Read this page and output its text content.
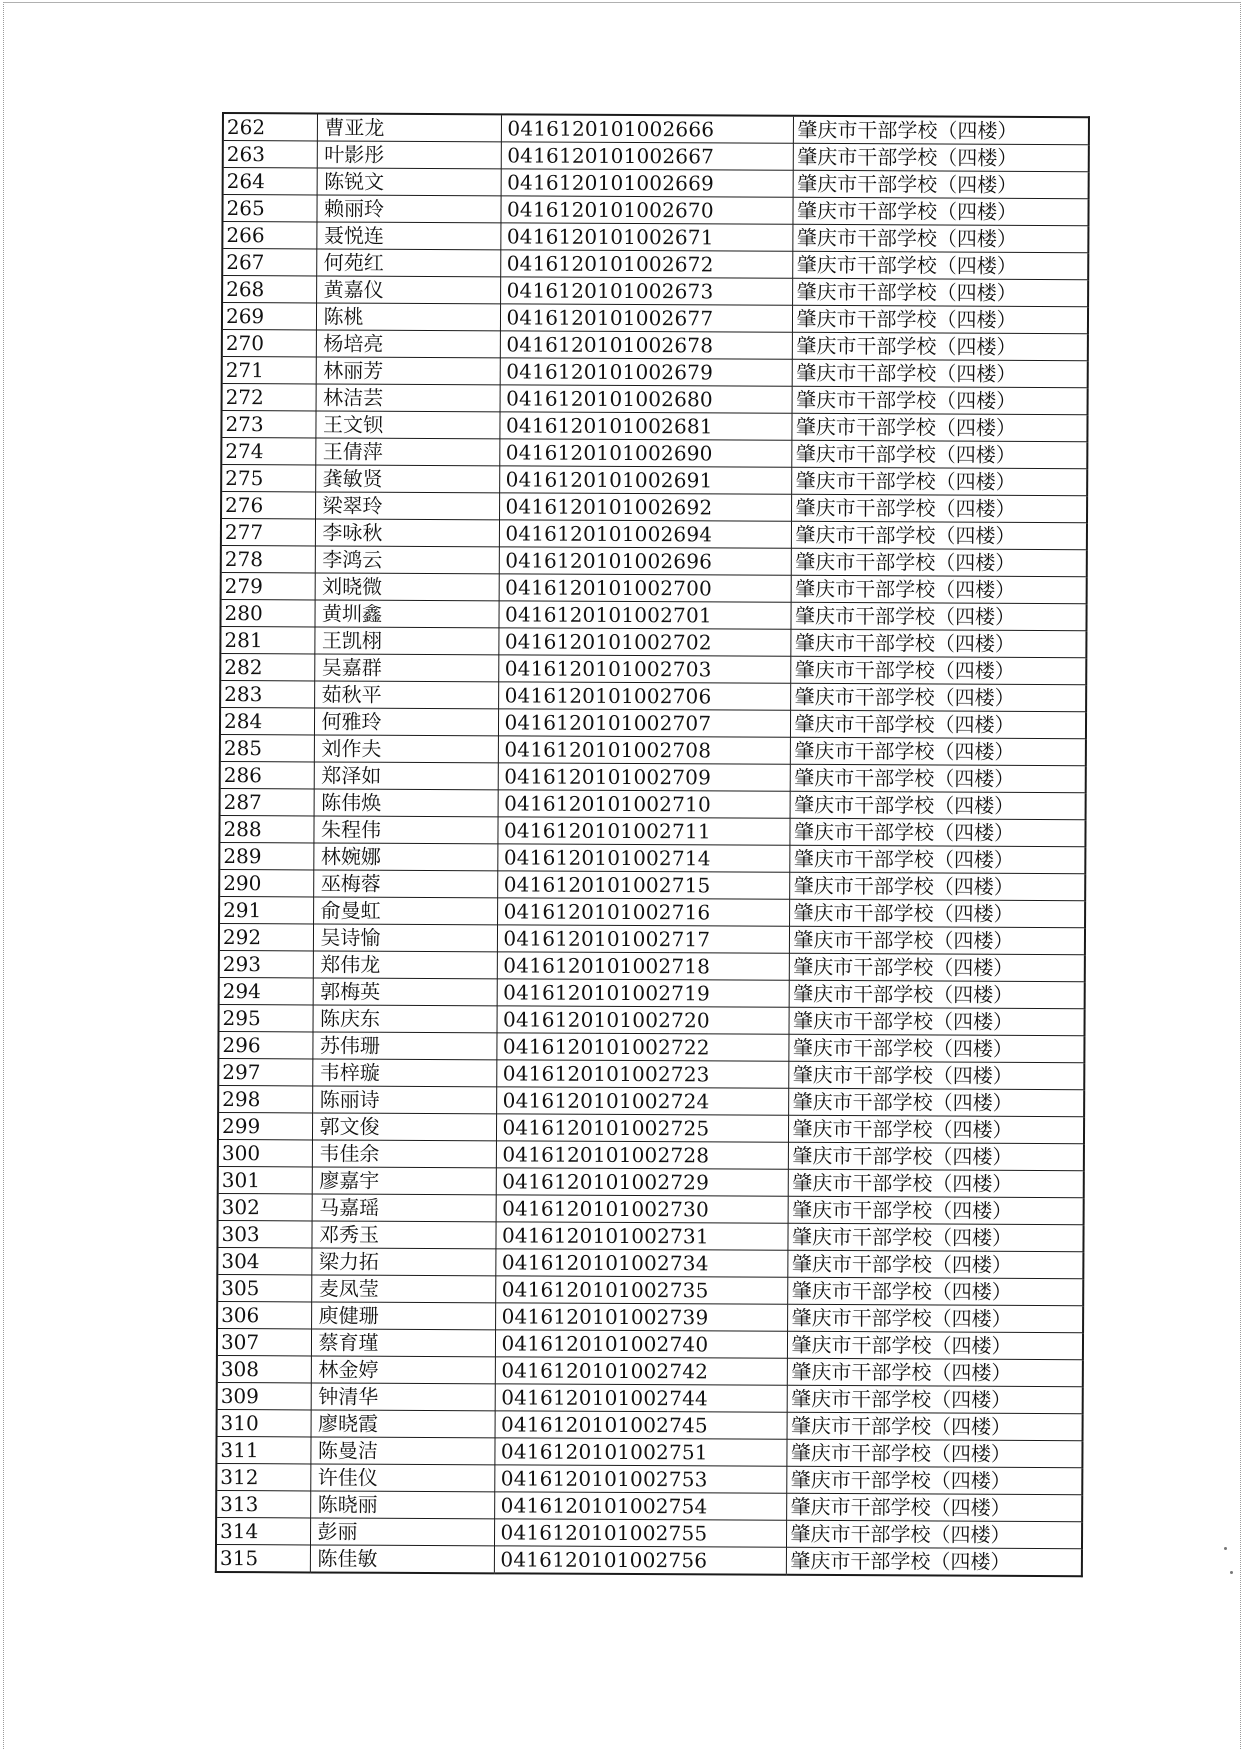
262	曹亚龙	0416120101002666	肇庆市干部学校（四楼）
263	叶影彤	0416120101002667	肇庆市干部学校（四楼）
264	陈锐文	0416120101002669	肇庆市干部学校（四楼）
265	赖丽玲	0416120101002670	肇庆市干部学校（四楼）
266	聂悦连	0416120101002671	肇庆市干部学校（四楼）
267	何苑红	0416120101002672	肇庆市干部学校（四楼）
268	黄嘉仪	0416120101002673	肇庆市干部学校（四楼）
269	陈桃	0416120101002677	肇庆市干部学校（四楼）
270	杨培亮	0416120101002678	肇庆市干部学校（四楼）
271	林丽芳	0416120101002679	肇庆市干部学校（四楼）
272	林洁芸	0416120101002680	肇庆市干部学校（四楼）
273	王文钡	0416120101002681	肇庆市干部学校（四楼）
274	王倩萍	0416120101002690	肇庆市干部学校（四楼）
275	龚敏贤	0416120101002691	肇庆市干部学校（四楼）
276	梁翠玲	0416120101002692	肇庆市干部学校（四楼）
277	李咏秋	0416120101002694	肇庆市干部学校（四楼）
278	李鸿云	0416120101002696	肇庆市干部学校（四楼）
279	刘晓微	0416120101002700	肇庆市干部学校（四楼）
280	黄圳鑫	0416120101002701	肇庆市干部学校（四楼）
281	王凯栩	0416120101002702	肇庆市干部学校（四楼）
282	吴嘉群	0416120101002703	肇庆市干部学校（四楼）
283	茹秋平	0416120101002706	肇庆市干部学校（四楼）
284	何雅玲	0416120101002707	肇庆市干部学校（四楼）
285	刘作夫	0416120101002708	肇庆市干部学校（四楼）
286	郑泽如	0416120101002709	肇庆市干部学校（四楼）
287	陈伟焕	0416120101002710	肇庆市干部学校（四楼）
288	朱程伟	0416120101002711	肇庆市干部学校（四楼）
289	林婉娜	0416120101002714	肇庆市干部学校（四楼）
290	巫梅蓉	0416120101002715	肇庆市干部学校（四楼）
291	俞曼虹	0416120101002716	肇庆市干部学校（四楼）
292	吴诗愉	0416120101002717	肇庆市干部学校（四楼）
293	郑伟龙	0416120101002718	肇庆市干部学校（四楼）
294	郭梅英	0416120101002719	肇庆市干部学校（四楼）
295	陈庆东	0416120101002720	肇庆市干部学校（四楼）
296	苏伟珊	0416120101002722	肇庆市干部学校（四楼）
297	韦梓璇	0416120101002723	肇庆市干部学校（四楼）
298	陈丽诗	0416120101002724	肇庆市干部学校（四楼）
299	郭文俊	0416120101002725	肇庆市干部学校（四楼）
300	韦佳余	0416120101002728	肇庆市干部学校（四楼）
301	廖嘉宇	0416120101002729	肇庆市干部学校（四楼）
302	马嘉瑶	0416120101002730	肇庆市干部学校（四楼）
303	邓秀玉	0416120101002731	肇庆市干部学校（四楼）
304	梁力拓	0416120101002734	肇庆市干部学校（四楼）
305	麦凤莹	0416120101002735	肇庆市干部学校（四楼）
306	庾健珊	0416120101002739	肇庆市干部学校（四楼）
307	蔡育瑾	0416120101002740	肇庆市干部学校（四楼）
308	林金婷	0416120101002742	肇庆市干部学校（四楼）
309	钟清华	0416120101002744	肇庆市干部学校（四楼）
310	廖晓霞	0416120101002745	肇庆市干部学校（四楼）
311	陈曼洁	0416120101002751	肇庆市干部学校（四楼）
312	许佳仪	0416120101002753	肇庆市干部学校（四楼）
313	陈晓丽	0416120101002754	肇庆市干部学校（四楼）
314	彭丽	0416120101002755	肇庆市干部学校（四楼）
315	陈佳敏	0416120101002756	肇庆市干部学校（四楼）
